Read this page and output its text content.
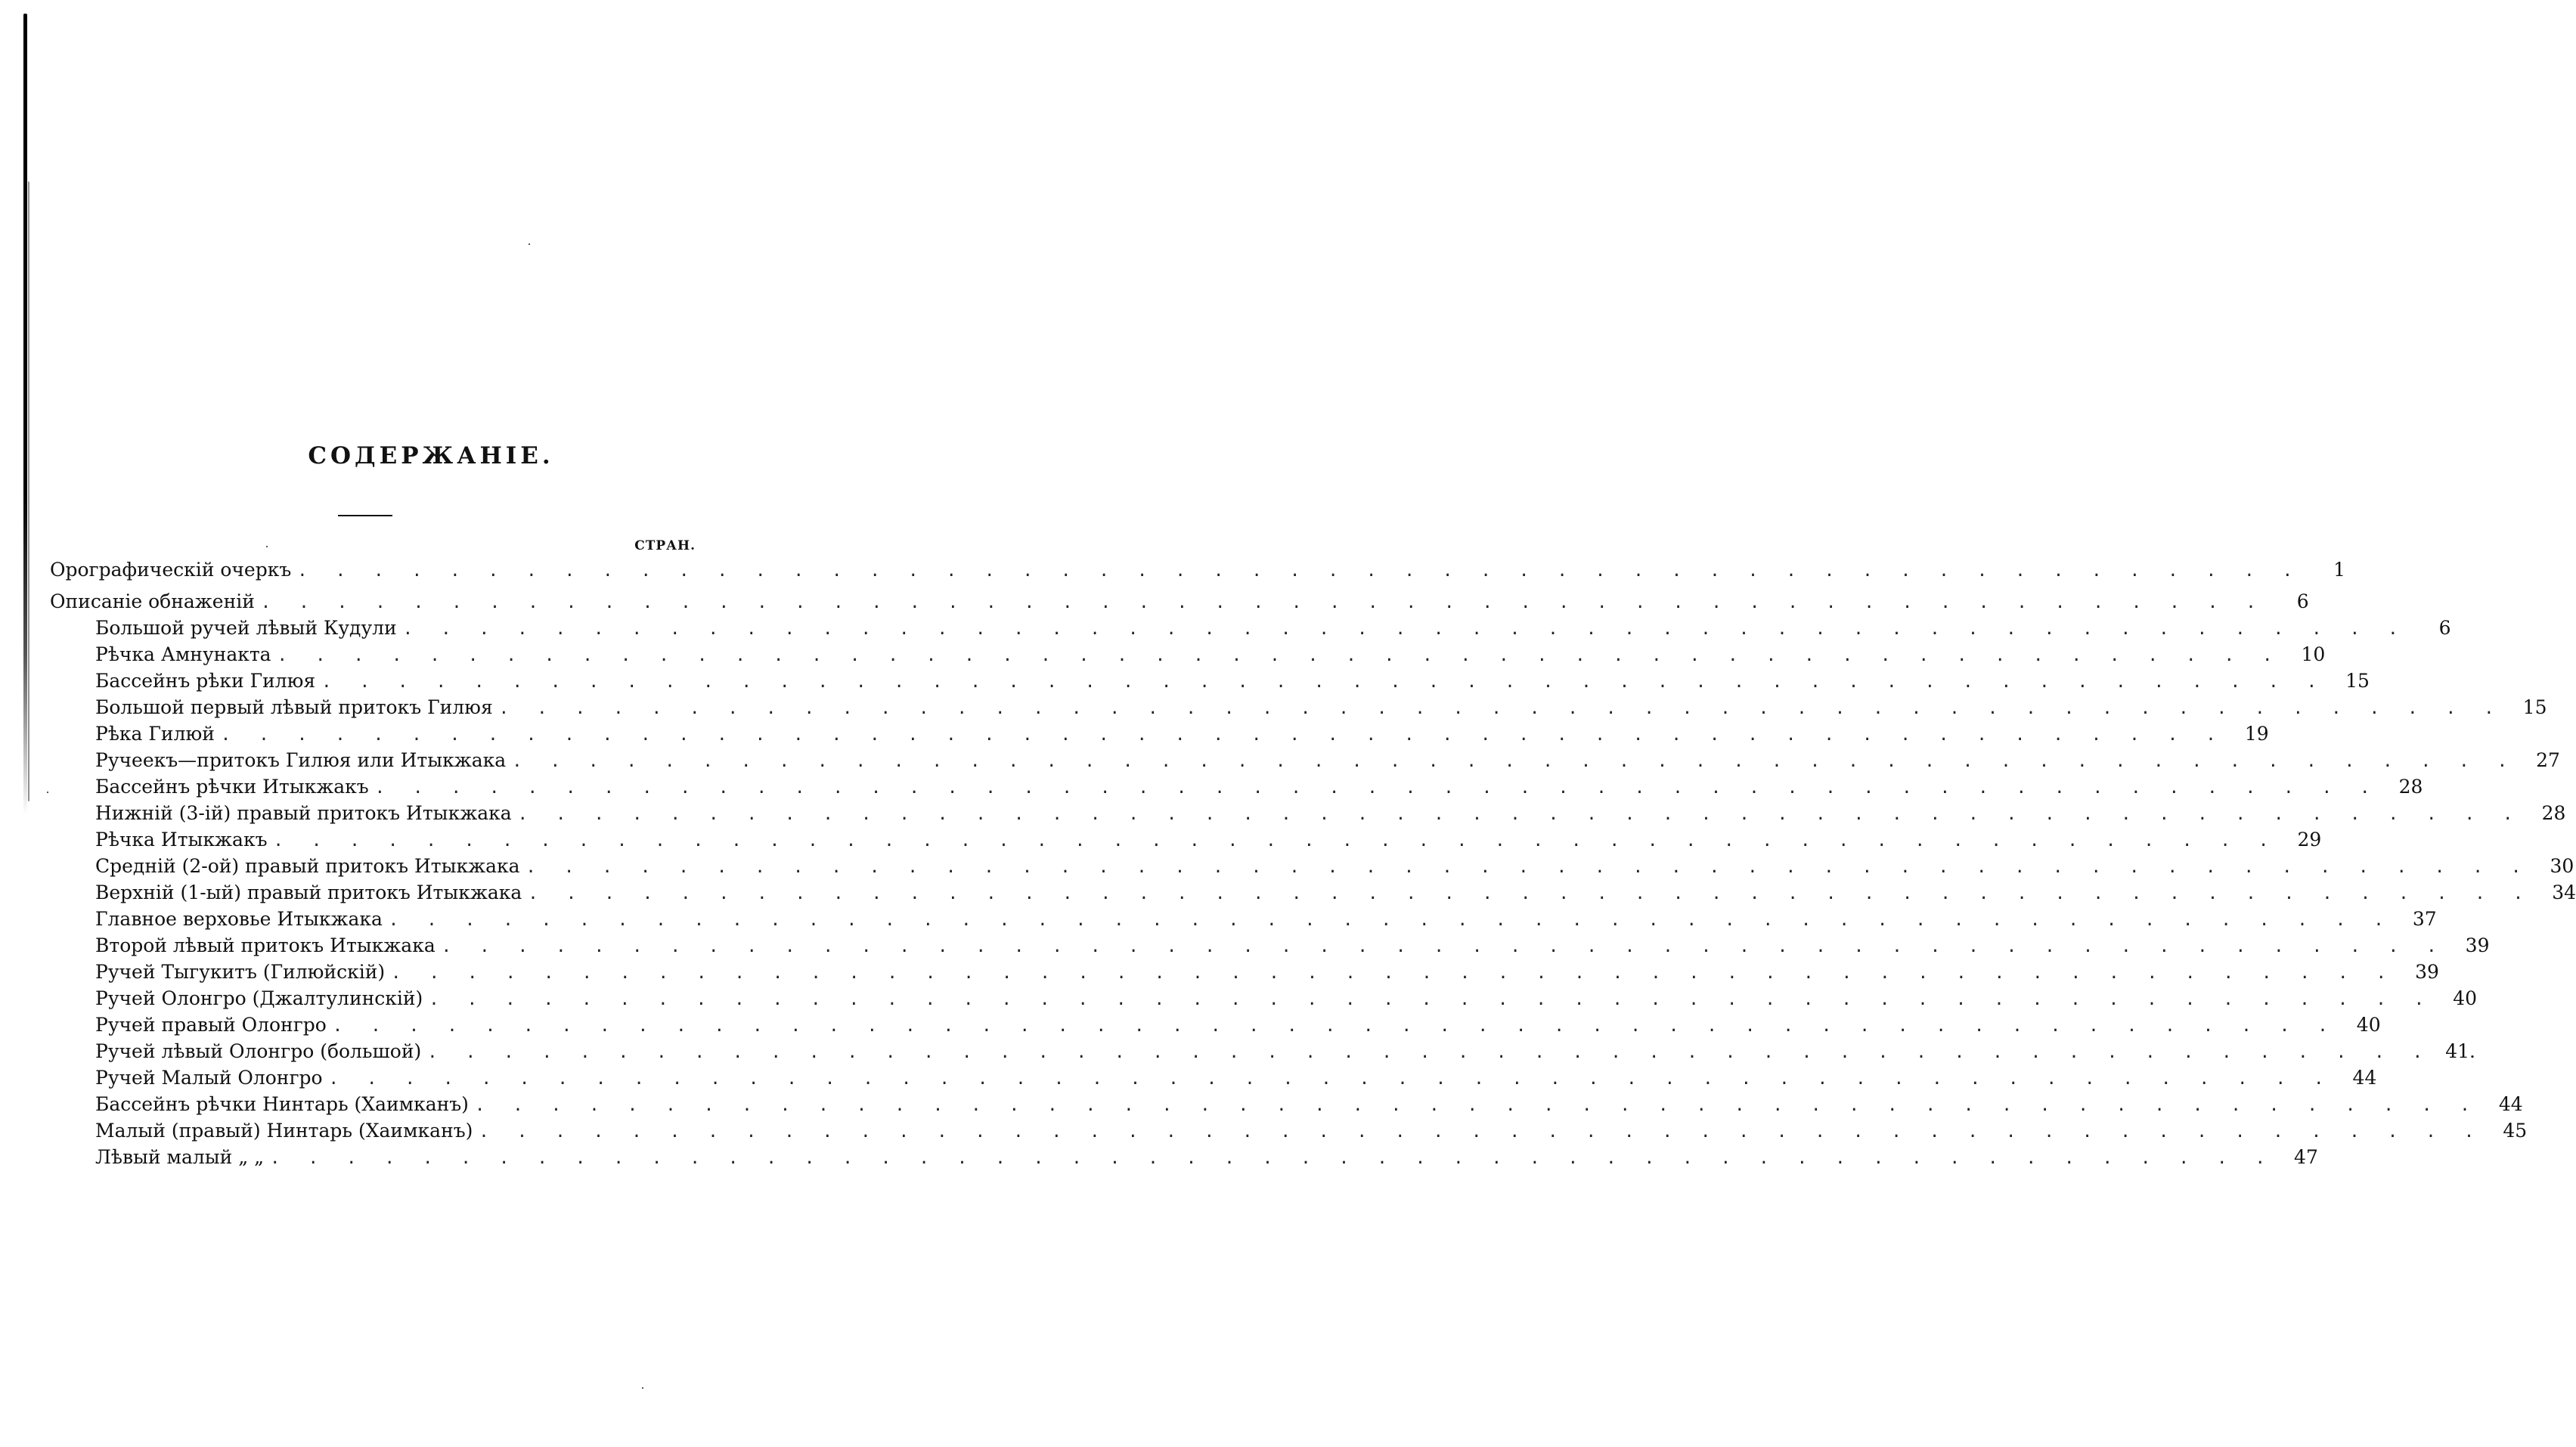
СОДЕРЖАНІЕ.
СТРАН.
Орографическій очеркъ . . . . . . . . . . . . . . . . . . . . . . . . . . . . . . . . . . . . . . . . . . . . . . . . . . . . .	1
Описаніе обнаженій . . . . . . . . . . . . . . . . . . . . . . . . . . . . . . . . . . . . . . . . . . . . . . . . . . . . .	6
Большой ручей лѣвый Кудули . . . . . . . . . . . . . . . . . . . . . . . . . . . . . . . . . . . . . . . . . . . . . . . . . . . . .	6
Рѣчка Амнунакта . . . . . . . . . . . . . . . . . . . . . . . . . . . . . . . . . . . . . . . . . . . . . . . . . . . . .	10
Бассейнъ рѣки Гилюя . . . . . . . . . . . . . . . . . . . . . . . . . . . . . . . . . . . . . . . . . . . . . . . . . . . . .	15
Большой первый лѣвый притокъ Гилюя . . . . . . . . . . . . . . . . . . . . . . . . . . . . . . . . . . . . . . . . . . . . . . . . . . . . .	15
Рѣка Гилюй . . . . . . . . . . . . . . . . . . . . . . . . . . . . . . . . . . . . . . . . . . . . . . . . . . . . .	19
Ручеекъ—притокъ Гилюя или Итыкжака . . . . . . . . . . . . . . . . . . . . . . . . . . . . . . . . . . . . . . . . . . . . . . . . . . . . .	27
Бассейнъ рѣчки Итыкжакъ . . . . . . . . . . . . . . . . . . . . . . . . . . . . . . . . . . . . . . . . . . . . . . . . . . . . .	28
Нижній (3-ій) правый притокъ Итыкжака . . . . . . . . . . . . . . . . . . . . . . . . . . . . . . . . . . . . . . . . . . . . . . . . . . . . .	28
Рѣчка Итыкжакъ . . . . . . . . . . . . . . . . . . . . . . . . . . . . . . . . . . . . . . . . . . . . . . . . . . . . .	29
Средній (2-ой) правый притокъ Итыкжака . . . . . . . . . . . . . . . . . . . . . . . . . . . . . . . . . . . . . . . . . . . . . . . . . . . . .	30
Верхній (1-ый) правый притокъ Итыкжака . . . . . . . . . . . . . . . . . . . . . . . . . . . . . . . . . . . . . . . . . . . . . . . . . . . . .	34
Главное верховье Итыкжака . . . . . . . . . . . . . . . . . . . . . . . . . . . . . . . . . . . . . . . . . . . . . . . . . . . . .	37
Второй лѣвый притокъ Итыкжака . . . . . . . . . . . . . . . . . . . . . . . . . . . . . . . . . . . . . . . . . . . . . . . . . . . . .	39
Ручей Тыгукитъ (Гилюйскій) . . . . . . . . . . . . . . . . . . . . . . . . . . . . . . . . . . . . . . . . . . . . . . . . . . . . .	39
Ручей Олонгро (Джалтулинскій) . . . . . . . . . . . . . . . . . . . . . . . . . . . . . . . . . . . . . . . . . . . . . . . . . . . . .	40
Ручей правый Олонгро . . . . . . . . . . . . . . . . . . . . . . . . . . . . . . . . . . . . . . . . . . . . . . . . . . . . .	40
Ручей лѣвый Олонгро (большой) . . . . . . . . . . . . . . . . . . . . . . . . . . . . . . . . . . . . . . . . . . . . . . . . . . . . . 41.
Ручей Малый Олонгро . . . . . . . . . . . . . . . . . . . . . . . . . . . . . . . . . . . . . . . . . . . . . . . . . . . . .	44
Бассейнъ рѣчки Нинтарь (Хаимканъ) . . . . . . . . . . . . . . . . . . . . . . . . . . . . . . . . . . . . . . . . . . . . . . . . . . . . .	44
Малый (правый) Нинтарь (Хаимканъ) . . . . . . . . . . . . . . . . . . . . . . . . . . . . . . . . . . . . . . . . . . . . . . . . . . . . .	45
Лѣвый малый „ „ . . . . . . . . . . . . . . . . . . . . . . . . . . . . . . . . . . . . . . . . . . . . . . . . . . . . .	47
